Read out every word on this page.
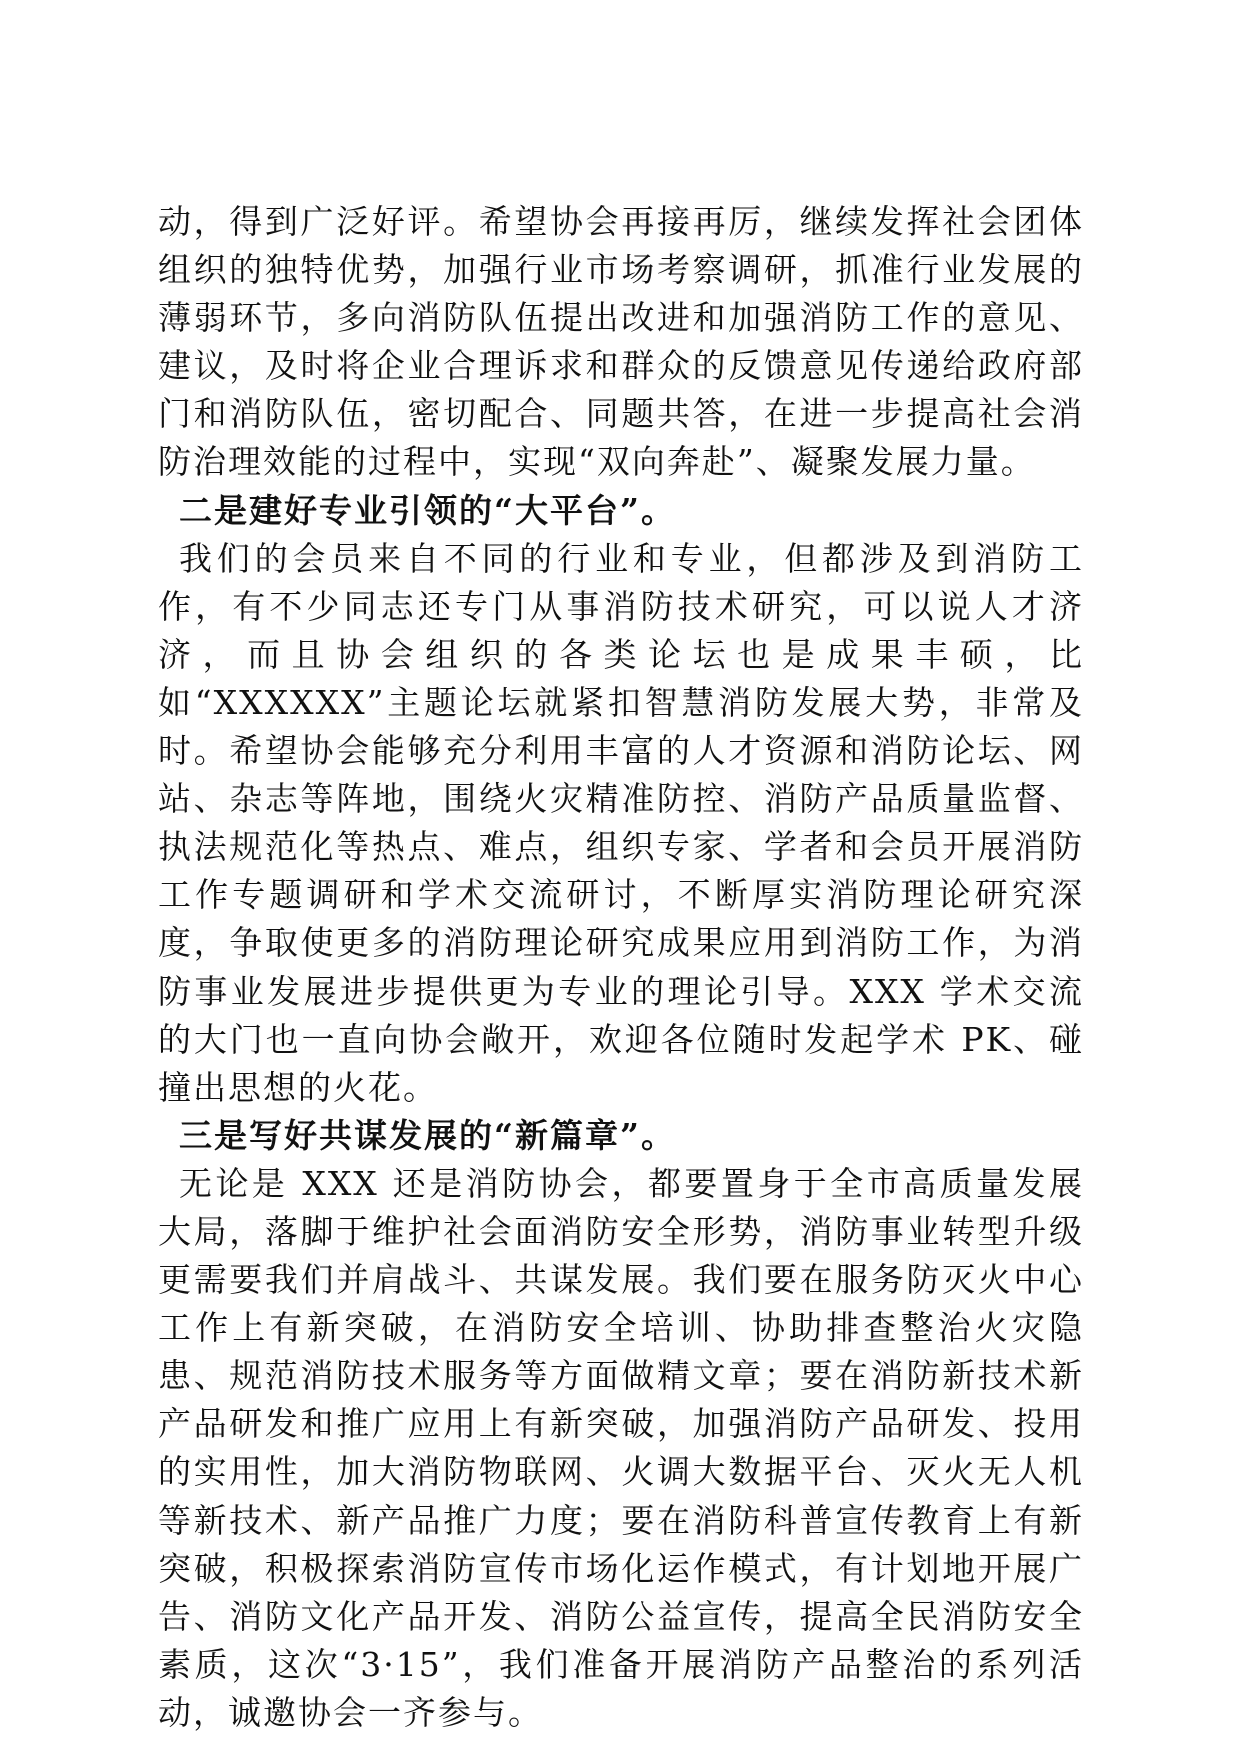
动，得到广泛好评。希望协会再接再厉，继续发挥社会团体组织的独特优势，加强行业市场考察调研，抓准行业发展的薄弱环节，多向消防队伍提出改进和加强消防工作的意见、建议，及时将企业合理诉求和群众的反馈意见传递给政府部门和消防队伍，密切配合、同题共答，在进一步提高社会消防治理效能的过程中，实现“双向奔赴”、凝聚发展力量。

二是建好专业引领的“大平台”。

我们的会员来自不同的行业和专业，但都涉及到消防工作，有不少同志还专门从事消防技术研究，可以说人才济济，而且协会组织的各类论坛也是成果丰硕，比如“XXXXXX”主题论坛就紧扣智慧消防发展大势，非常及时。希望协会能够充分利用丰富的人才资源和消防论坛、网站、杂志等阵地，围绕火灾精准防控、消防产品质量监督、执法规范化等热点、难点，组织专家、学者和会员开展消防工作专题调研和学术交流研讨，不断厚实消防理论研究深度，争取使更多的消防理论研究成果应用到消防工作，为消防事业发展进步提供更为专业的理论引导。XXX 学术交流的大门也一直向协会敞开，欢迎各位随时发起学术 PK、碰撞出思想的火花。

三是写好共谋发展的“新篇章”。

无论是 XXX 还是消防协会，都要置身于全市高质量发展大局，落脚于维护社会面消防安全形势，消防事业转型升级更需要我们并肩战斗、共谋发展。我们要在服务防灭火中心工作上有新突破，在消防安全培训、协助排查整治火灾隐患、规范消防技术服务等方面做精文章；要在消防新技术新产品研发和推广应用上有新突破，加强消防产品研发、投用的实用性，加大消防物联网、火调大数据平台、灭火无人机等新技术、新产品推广力度；要在消防科普宣传教育上有新突破，积极探索消防宣传市场化运作模式，有计划地开展广告、消防文化产品开发、消防公益宣传，提高全民消防安全素质，这次“3·15”，我们准备开展消防产品整治的系列活动，诚邀协会一齐参与。
